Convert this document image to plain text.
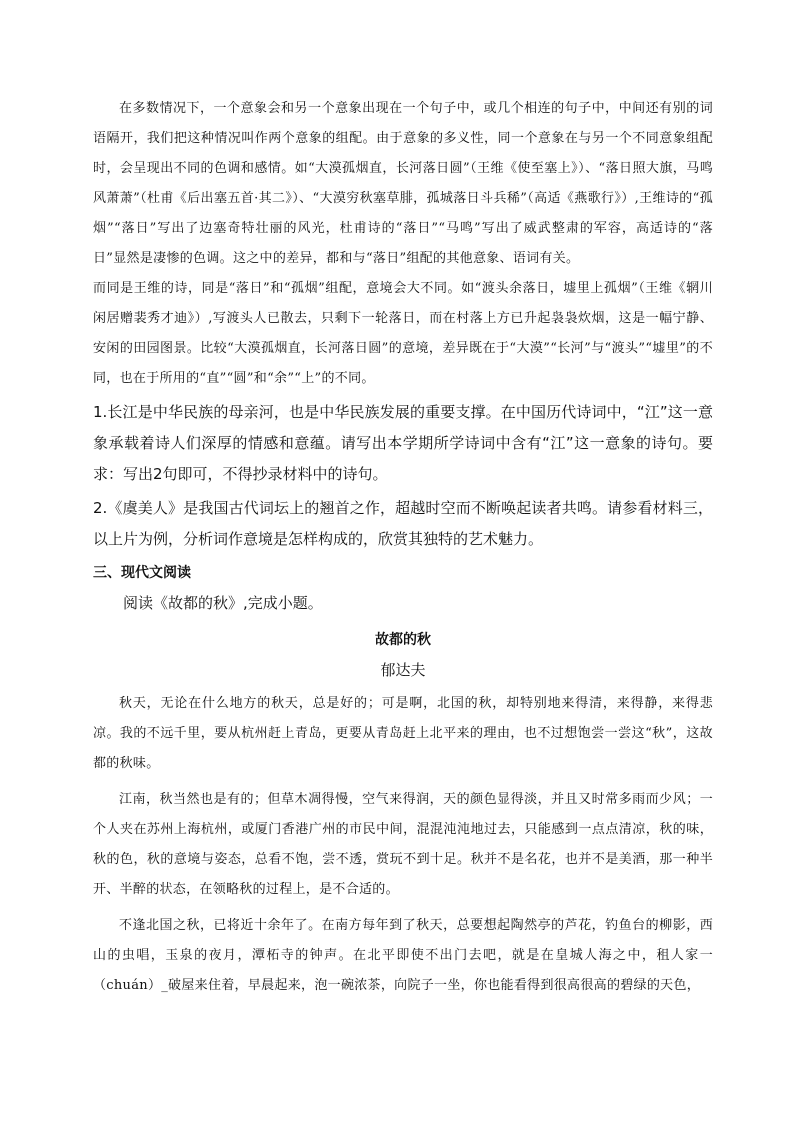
在多数情况下，一个意象会和另一个意象出现在一个句子中，或几个相连的句子中，中间还有别的词语隔开，我们把这种情况叫作两个意象的组配。由于意象的多义性，同一个意象在与另一个不同意象组配时，会呈现出不同的色调和感情。如“大漠孤烟直，长河落日圆”（王维《使至塞上》）、“落日照大旗，马鸣风萧萧”（杜甫《后出塞五首·其二》）、“大漠穷秋塞草腓，孤城落日斗兵稀”（高适《燕歌行》）,王维诗的“孤烟”“落日”写出了边塞奇特壮丽的风光，杜甫诗的“落日”“马鸣”写出了威武整肃的军容，高适诗的“落日”显然是凄惨的色调。这之中的差异，都和与“落日”组配的其他意象、语词有关。

而同是王维的诗，同是“落日”和“孤烟”组配，意境会大不同。如“渡头余落日，墟里上孤烟”（王维《辋川闲居赠裴秀才迪》）,写渡头人已散去，只剩下一轮落日，而在村落上方已升起袅袅炊烟，这是一幅宁静、安闲的田园图景。比较“大漠孤烟直，长河落日圆”的意境，差异既在于“大漠”“长河”与“渡头”“墟里”的不同，也在于所用的“直”“圆”和“余”“上”的不同。

1.长江是中华民族的母亲河，也是中华民族发展的重要支撑。在中国历代诗词中，“江”这一意象承载着诗人们深厚的情感和意蕴。请写出本学期所学诗词中含有“江”这一意象的诗句。要求：写出2句即可，不得抄录材料中的诗句。

2.《虞美人》是我国古代词坛上的翘首之作，超越时空而不断唤起读者共鸣。请参看材料三，以上片为例，分析词作意境是怎样构成的，欣赏其独特的艺术魅力。

三、现代文阅读

阅读《故都的秋》,完成小题。

故都的秋

郁达夫

秋天，无论在什么地方的秋天，总是好的；可是啊，北国的秋，却特别地来得清，来得静，来得悲凉。我的不远千里，要从杭州赶上青岛，更要从青岛赶上北平来的理由，也不过想饱尝一尝这“秋”，这故都的秋味。

江南，秋当然也是有的；但草木凋得慢，空气来得润，天的颜色显得淡，并且又时常多雨而少风；一个人夹在苏州上海杭州，或厦门香港广州的市民中间，混混沌沌地过去，只能感到一点点清凉，秋的味，秋的色，秋的意境与姿态，总看不饱，尝不透，赏玩不到十足。秋并不是名花，也并不是美酒，那一种半开、半醉的状态，在领略秋的过程上，是不合适的。

不逢北国之秋，已将近十余年了。在南方每年到了秋天，总要想起陶然亭的芦花，钓鱼台的柳影，西山的虫唱，玉泉的夜月，潭柘寺的钟声。在北平即使不出门去吧，就是在皇城人海之中，租人家一（chuán）_破屋来住着，早晨起来，泡一碗浓茶，向院子一坐，你也能看得到很高很高的碧绿的天色，
